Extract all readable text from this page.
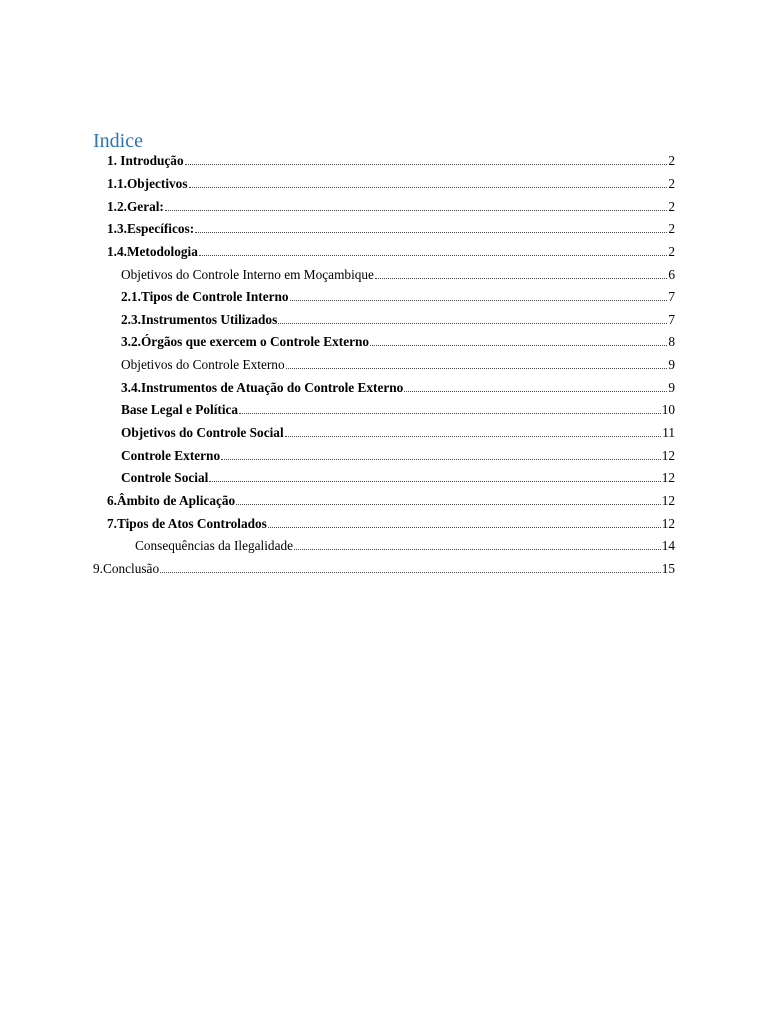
Indice
1. Introdução	2
1.1.Objectivos	2
1.2.Geral:	2
1.3.Específicos:	2
1.4.Metodologia	2
Objetivos do Controle Interno em Moçambique	6
2.1.Tipos de Controle Interno	7
2.3.Instrumentos Utilizados	7
3.2.Órgãos que exercem o Controle Externo	8
Objetivos do Controle Externo	9
3.4.Instrumentos de Atuação do Controle Externo	9
Base Legal e Política	10
Objetivos do Controle Social	11
Controle Externo	12
Controle Social	12
6.Âmbito de Aplicação	12
7.Tipos de Atos Controlados	12
Consequências da Ilegalidade	14
9.Conclusão	15
